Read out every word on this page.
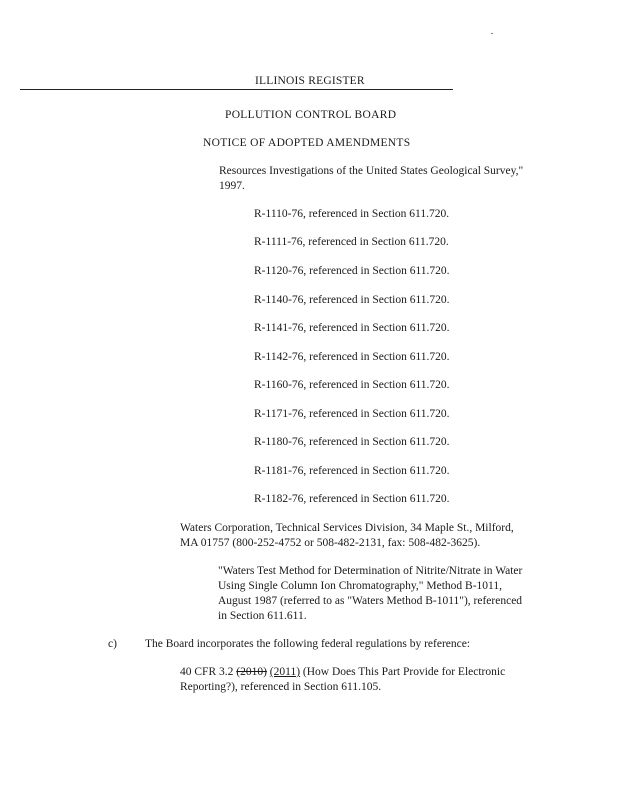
ILLINOIS REGISTER
POLLUTION CONTROL BOARD
NOTICE OF ADOPTED AMENDMENTS
Resources Investigations of the United States Geological Survey,"
1997.
R-1110-76, referenced in Section 611.720.
R-1111-76, referenced in Section 611.720.
R-1120-76, referenced in Section 611.720.
R-1140-76, referenced in Section 611.720.
R-1141-76, referenced in Section 611.720.
R-1142-76, referenced in Section 611.720.
R-1160-76, referenced in Section 611.720.
R-1171-76, referenced in Section 611.720.
R-1180-76, referenced in Section 611.720.
R-1181-76, referenced in Section 611.720.
R-1182-76, referenced in Section 611.720.
Waters Corporation, Technical Services Division, 34 Maple St., Milford,
MA 01757 (800-252-4752 or 508-482-2131, fax: 508-482-3625).
"Waters Test Method for Determination of Nitrite/Nitrate in Water
Using Single Column Ion Chromatography," Method B-1011,
August 1987 (referred to as "Waters Method B-1011"), referenced
in Section 611.611.
c) The Board incorporates the following federal regulations by reference:
40 CFR 3.2 (2010) (2011) (How Does This Part Provide for Electronic
Reporting?), referenced in Section 611.105.
